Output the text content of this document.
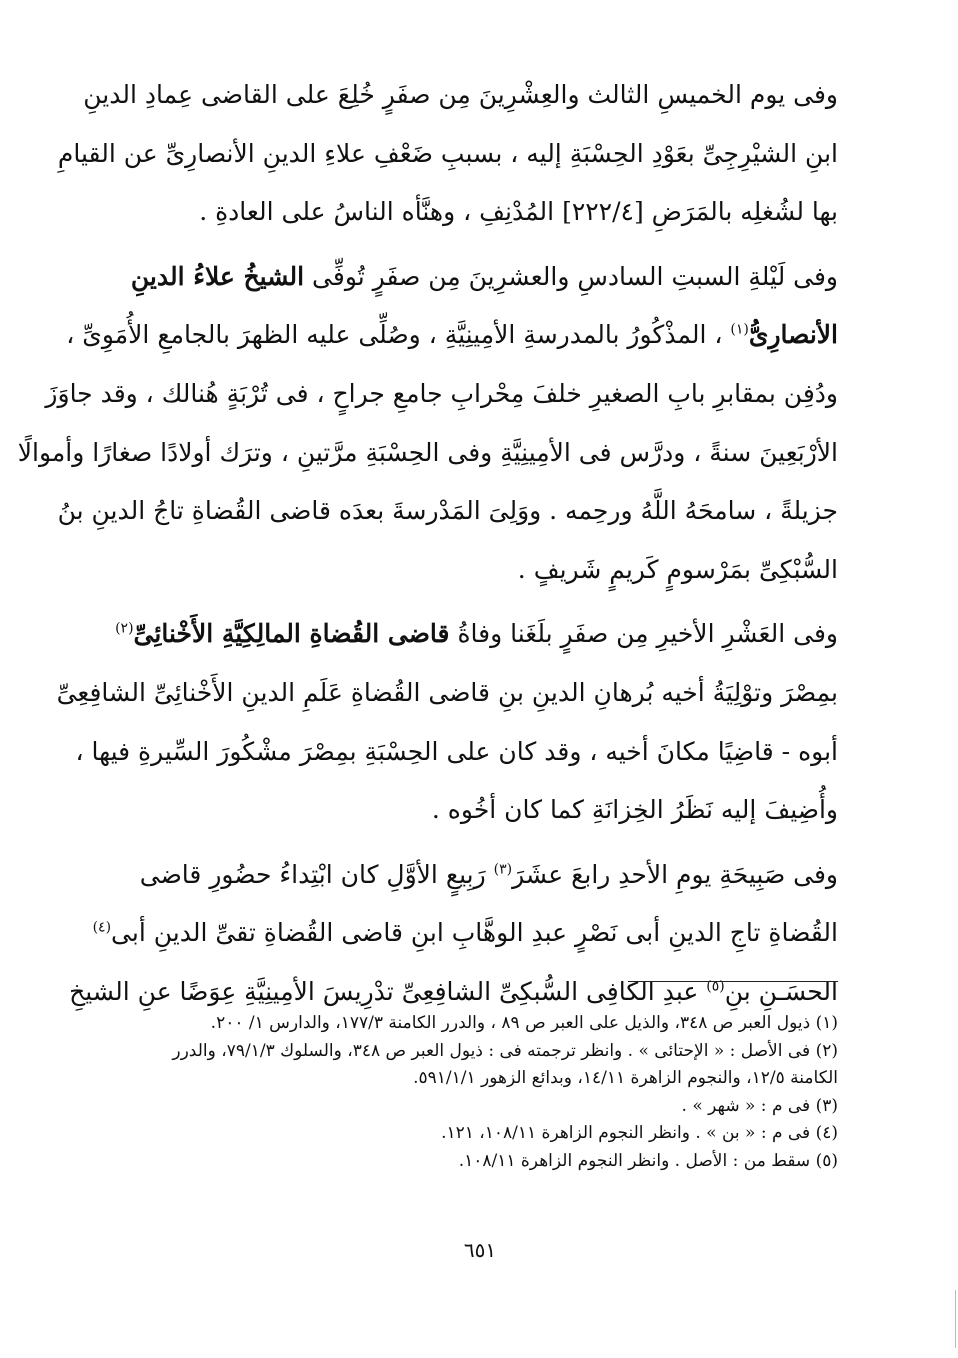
وفى يوم الخميسِ الثالث والعِشْرِينَ مِن صفَرٍ خُلِعَ على القاضى عِمادِ الدينِ
ابنِ الشيْرِجِىِّ بعَوْدِ الحِسْبَةِ إليه ، بسببِ ضَعْفِ علاءِ الدينِ الأنصارِىِّ عن القيامِ
بها لشُغلِه بالمَرَضِ [٢٢٢/٤] المُدْنِفِ ، وهنَّأه الناسُ على العادةِ .

وفى لَيْلةِ السبتِ السادسِ والعشرِينَ مِن صفَرٍ تُوفِّى الشيخُ علاءُ الدينِ
الأنصارِىُّ$^{(١)}$ ، المذْكُورُ بالمدرسةِ الأمِينِيَّةِ ، وصُلِّى عليه الظهرَ بالجامعِ الأُمَوِىِّ ،
ودُفِن بمقابرِ بابِ الصغيرِ خلفَ مِحْرابِ جامعِ جراحٍ ، فى تُرْبَةٍ هُنالك ، وقد جاوَزَ
الأرْبَعِينَ سنةً ، ودرَّس فى الأمِينِيَّةِ وفى الحِسْبَةِ مرَّتينِ ، وترَك أولادًا صغارًا وأموالًا
جزيلةً ، سامحَهُ اللَّهُ ورحِمه . ووَلِىَ المَدْرسةَ بعدَه قاضى القُضاةِ تاجُ الدينِ بنُ
السُّبْكِىِّ بمَرْسومٍ كَريمٍ شَريفٍ .

وفى العَشْرِ الأخيرِ مِن صفَرٍ بلَغَنا وفاةُ قاضى القُضاةِ المالِكِيَّةِ الأَخْنائِىِّ$^{(٢)}$
بمِصْرَ وتوْلِيَةُ أخيه بُرهانِ الدينِ بنِ قاضى القُضاةِ عَلَمِ الدينِ الأَخْنائِىِّ الشافِعِىِّ
أبوه - قاضِيًا مكانَ أخيه ، وقد كان على الحِسْبَةِ بمِصْرَ مشْكُورَ السِّيرةِ فيها ،
وأُضِيفَ إليه نَظَرُ الخِزانَةِ كما كان أخُوه .

وفى صَبِيحَةِ يومِ الأحدِ رابعَ عشَرَ$^{(٣)}$ رَبِيعٍ الأوَّلِ كان ابْتِداءُ حضُورِ قاضى
القُضاةِ تاجِ الدينِ أبى نَصْرٍ عبدِ الوهَّابِ ابنِ قاضى القُضاةِ تقىِّ الدينِ أبى$^{(٤)}$
الحسَـنِ بنِ$^{(٥)}$ عبدِ الكافِى السُّبكِىِّ الشافِعِىِّ تدْرِيسَ الأمِينِيَّةِ عِوَضًا عنِ الشيخِ

(١) ذيول العبر ص ٣٤٨، والذيل على العبر ص ٨٩ ، والدرر الكامنة ١٧٧/٣، والدارس ١/ ٢٠٠.
(٢) فى الأصل : « الإحتائى » . وانظر ترجمته فى : ذيول العبر ص ٣٤٨، والسلوك ٧٩/١/٣، والدرر
الكامنة ١٢/٥، والنجوم الزاهرة ١٤/١١، وبدائع الزهور ٥٩١/١/١.
(٣) فى م : « شهر » .
(٤) فى م : « بن » . وانظر النجوم الزاهرة ١٠٨/١١، ١٢١.
(٥) سقط من : الأصل . وانظر النجوم الزاهرة ١٠٨/١١.
٦٥١
